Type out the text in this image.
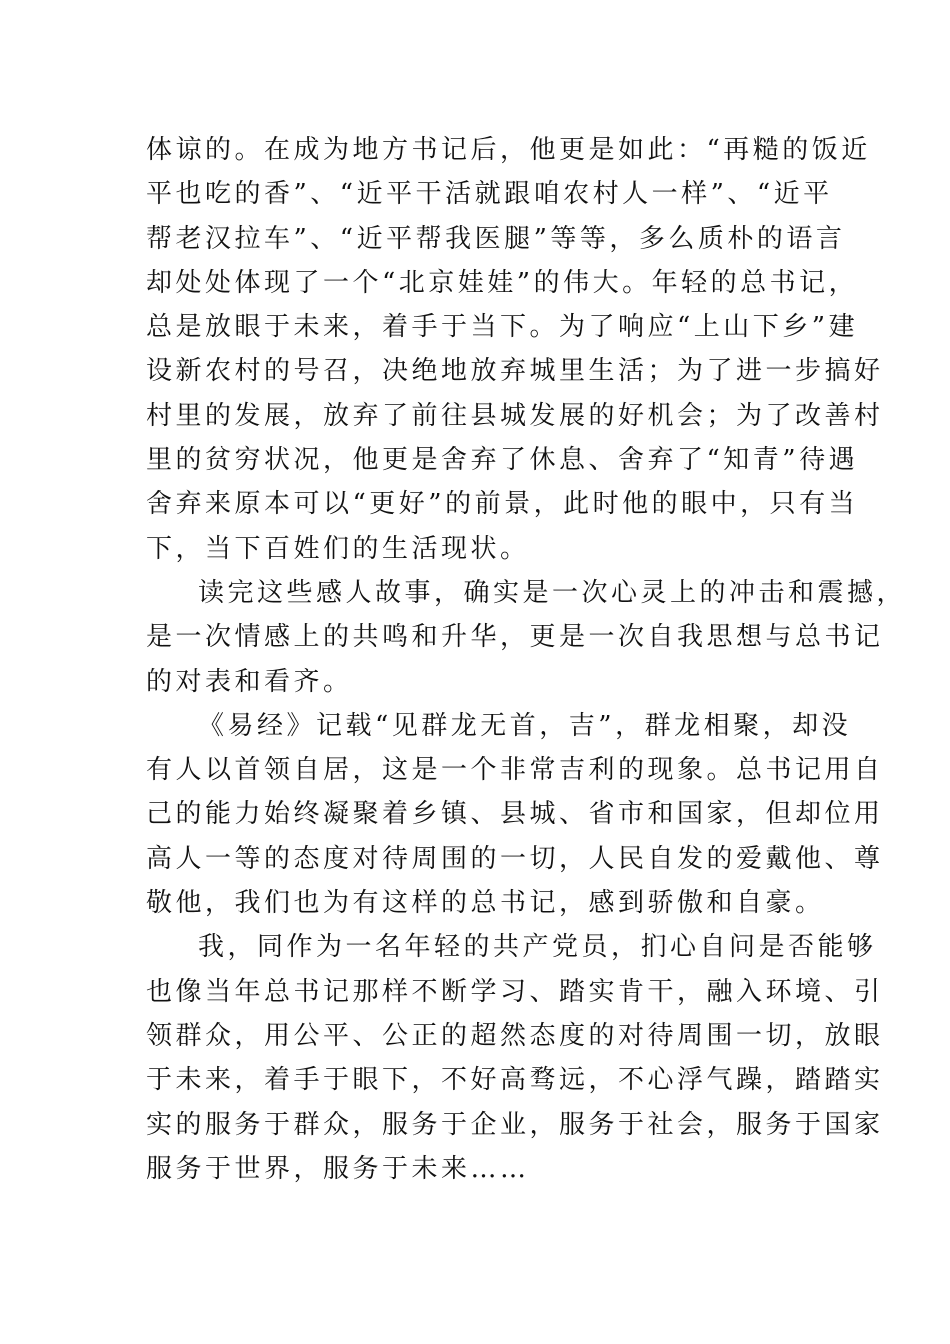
体谅的。在成为地方书记后，他更是如此：“再糙的饭近
平也吃的香”、“近平干活就跟咱农村人一样”、“近平
帮老汉拉车”、“近平帮我医腿”等等，多么质朴的语言
却处处体现了一个“北京娃娃”的伟大。年轻的总书记，
总是放眼于未来，着手于当下。为了响应“上山下乡”建
设新农村的号召，决绝地放弃城里生活；为了进一步搞好
村里的发展，放弃了前往县城发展的好机会；为了改善村
里的贫穷状况，他更是舍弃了休息、舍弃了“知青”待遇
舍弃来原本可以“更好”的前景，此时他的眼中，只有当
下，当下百姓们的生活现状。
读完这些感人故事，确实是一次心灵上的冲击和震撼，
是一次情感上的共鸣和升华，更是一次自我思想与总书记
的对表和看齐。
《易经》记载“见群龙无首，吉”，群龙相聚，却没
有人以首领自居，这是一个非常吉利的现象。总书记用自
己的能力始终凝聚着乡镇、县城、省市和国家，但却位用
高人一等的态度对待周围的一切，人民自发的爱戴他、尊
敬他，我们也为有这样的总书记，感到骄傲和自豪。
我，同作为一名年轻的共产党员，扪心自问是否能够
也像当年总书记那样不断学习、踏实肯干，融入环境、引
领群众，用公平、公正的超然态度的对待周围一切，放眼
于未来，着手于眼下，不好高骛远，不心浮气躁，踏踏实
实的服务于群众，服务于企业，服务于社会，服务于国家
服务于世界，服务于未来……
